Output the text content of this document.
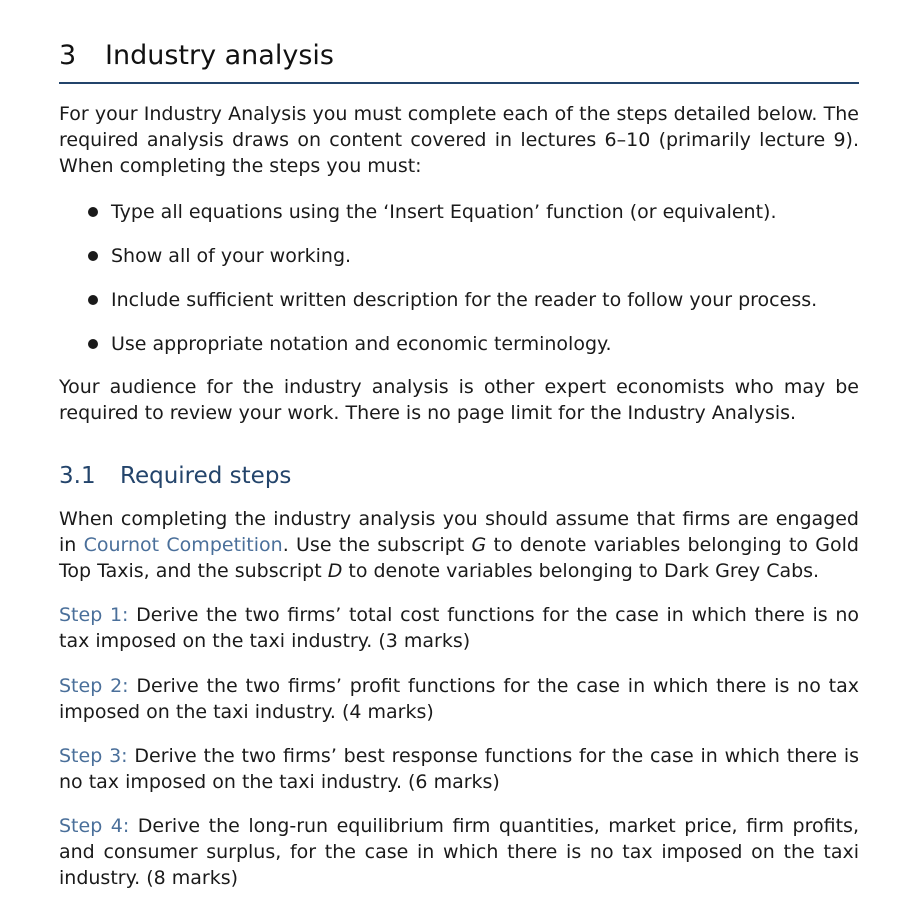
3 Industry analysis

For your Industry Analysis you must complete each of the steps detailed below. The required analysis draws on content covered in lectures 6–10 (primarily lecture 9). When completing the steps you must:

Type all equations using the ‘Insert Equation’ function (or equivalent).
Show all of your working.
Include sufficient written description for the reader to follow your process.
Use appropriate notation and economic terminology.

Your audience for the industry analysis is other expert economists who may be required to review your work. There is no page limit for the Industry Analysis.

3.1 Required steps

When completing the industry analysis you should assume that firms are engaged in Cournot Competition. Use the subscript G to denote variables belonging to Gold Top Taxis, and the subscript D to denote variables belonging to Dark Grey Cabs.

Step 1: Derive the two firms’ total cost functions for the case in which there is no tax imposed on the taxi industry. (3 marks)

Step 2: Derive the two firms’ profit functions for the case in which there is no tax imposed on the taxi industry. (4 marks)

Step 3: Derive the two firms’ best response functions for the case in which there is no tax imposed on the taxi industry. (6 marks)

Step 4: Derive the long-run equilibrium firm quantities, market price, firm profits, and consumer surplus, for the case in which there is no tax imposed on the taxi industry. (8 marks)
